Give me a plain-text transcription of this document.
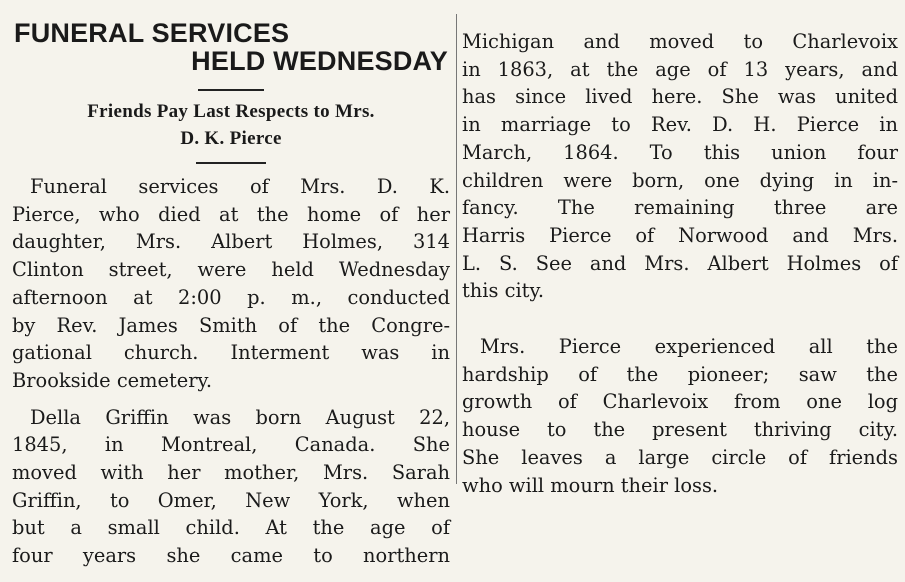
FUNERAL SERVICES
HELD WEDNESDAY
Friends Pay Last Respects to Mrs.
D. K. Pierce

Funeral services of Mrs. D. K.
Pierce, who died at the home of her
daughter, Mrs. Albert Holmes, 314
Clinton street, were held Wednesday
afternoon at 2:00 p. m., conducted
by Rev. James Smith of the Congre-
gational church. Interment was in
Brookside cemetery.

Della Griffin was born August 22,
1845, in Montreal, Canada. She
moved with her mother, Mrs. Sarah
Griffin, to Omer, New York, when
but a small child. At the age of
four years she came to northern

Michigan and moved to Charlevoix
in 1863, at the age of 13 years, and
has since lived here. She was united
in marriage to Rev. D. H. Pierce in
March, 1864. To this union four
children were born, one dying in in-
fancy. The remaining three are
Harris Pierce of Norwood and Mrs.
L. S. See and Mrs. Albert Holmes of
this city.

Mrs. Pierce experienced all the
hardship of the pioneer; saw the
growth of Charlevoix from one log
house to the present thriving city.
She leaves a large circle of friends
who will mourn their loss.
